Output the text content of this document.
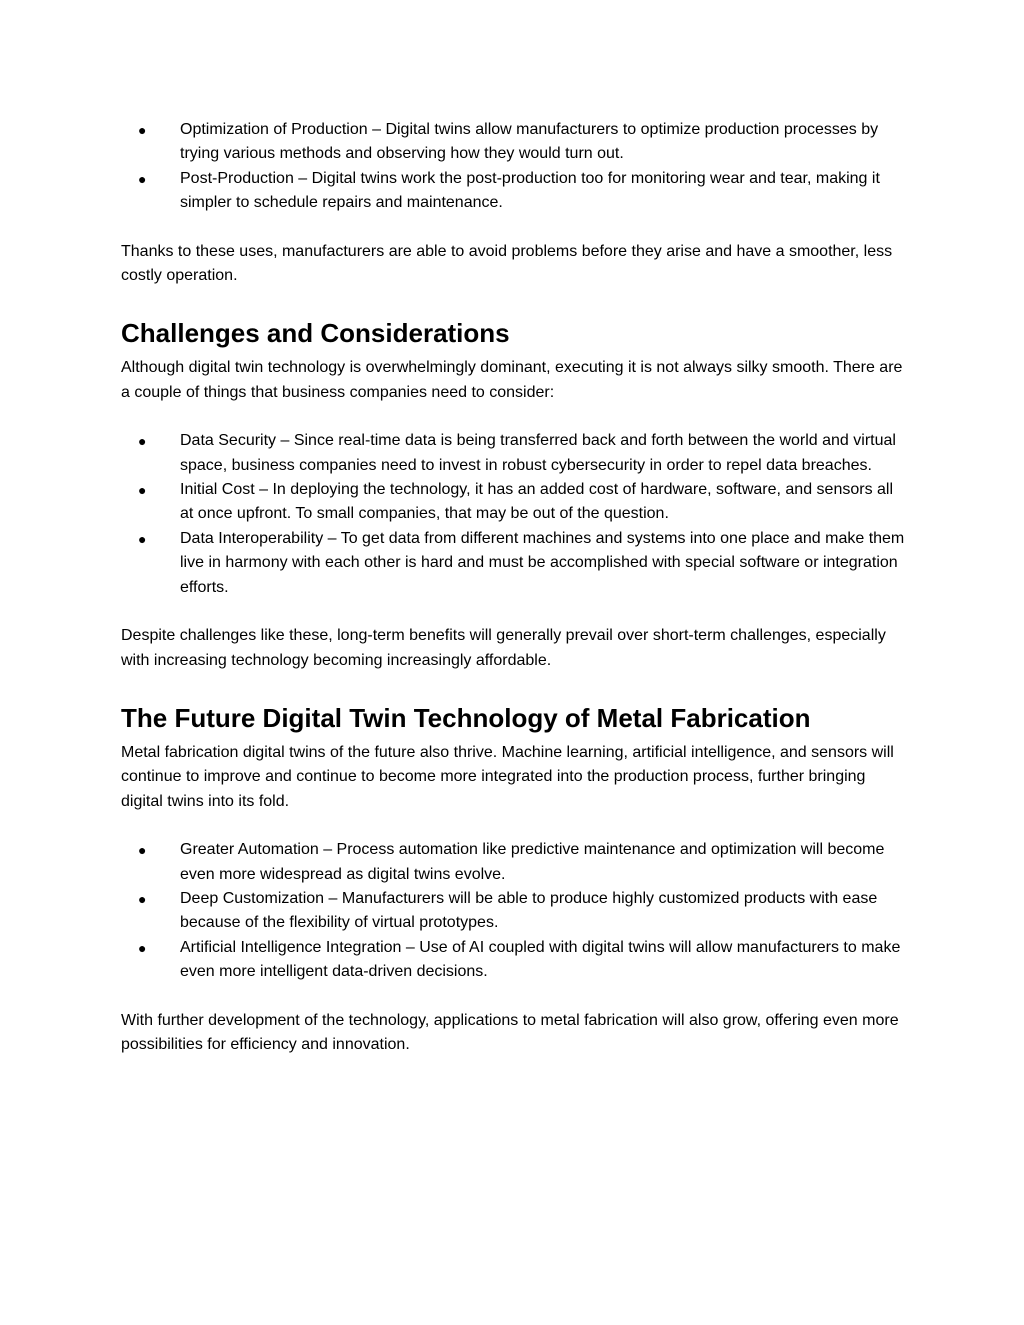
● Optimization of Production – Digital twins allow manufacturers to optimize production processes by trying various methods and observing how they would turn out.
● Post-Production – Digital twins work the post-production too for monitoring wear and tear, making it simpler to schedule repairs and maintenance.

Thanks to these uses, manufacturers are able to avoid problems before they arise and have a smoother, less costly operation.

Challenges and Considerations

Although digital twin technology is overwhelmingly dominant, executing it is not always silky smooth. There are a couple of things that business companies need to consider:

● Data Security – Since real-time data is being transferred back and forth between the world and virtual space, business companies need to invest in robust cybersecurity in order to repel data breaches.
● Initial Cost – In deploying the technology, it has an added cost of hardware, software, and sensors all at once upfront. To small companies, that may be out of the question.
● Data Interoperability – To get data from different machines and systems into one place and make them live in harmony with each other is hard and must be accomplished with special software or integration efforts.

Despite challenges like these, long-term benefits will generally prevail over short-term challenges, especially with increasing technology becoming increasingly affordable.

The Future Digital Twin Technology of Metal Fabrication

Metal fabrication digital twins of the future also thrive. Machine learning, artificial intelligence, and sensors will continue to improve and continue to become more integrated into the production process, further bringing digital twins into its fold.

● Greater Automation – Process automation like predictive maintenance and optimization will become even more widespread as digital twins evolve.
● Deep Customization – Manufacturers will be able to produce highly customized products with ease because of the flexibility of virtual prototypes.
● Artificial Intelligence Integration – Use of AI coupled with digital twins will allow manufacturers to make even more intelligent data-driven decisions.

With further development of the technology, applications to metal fabrication will also grow, offering even more possibilities for efficiency and innovation.
